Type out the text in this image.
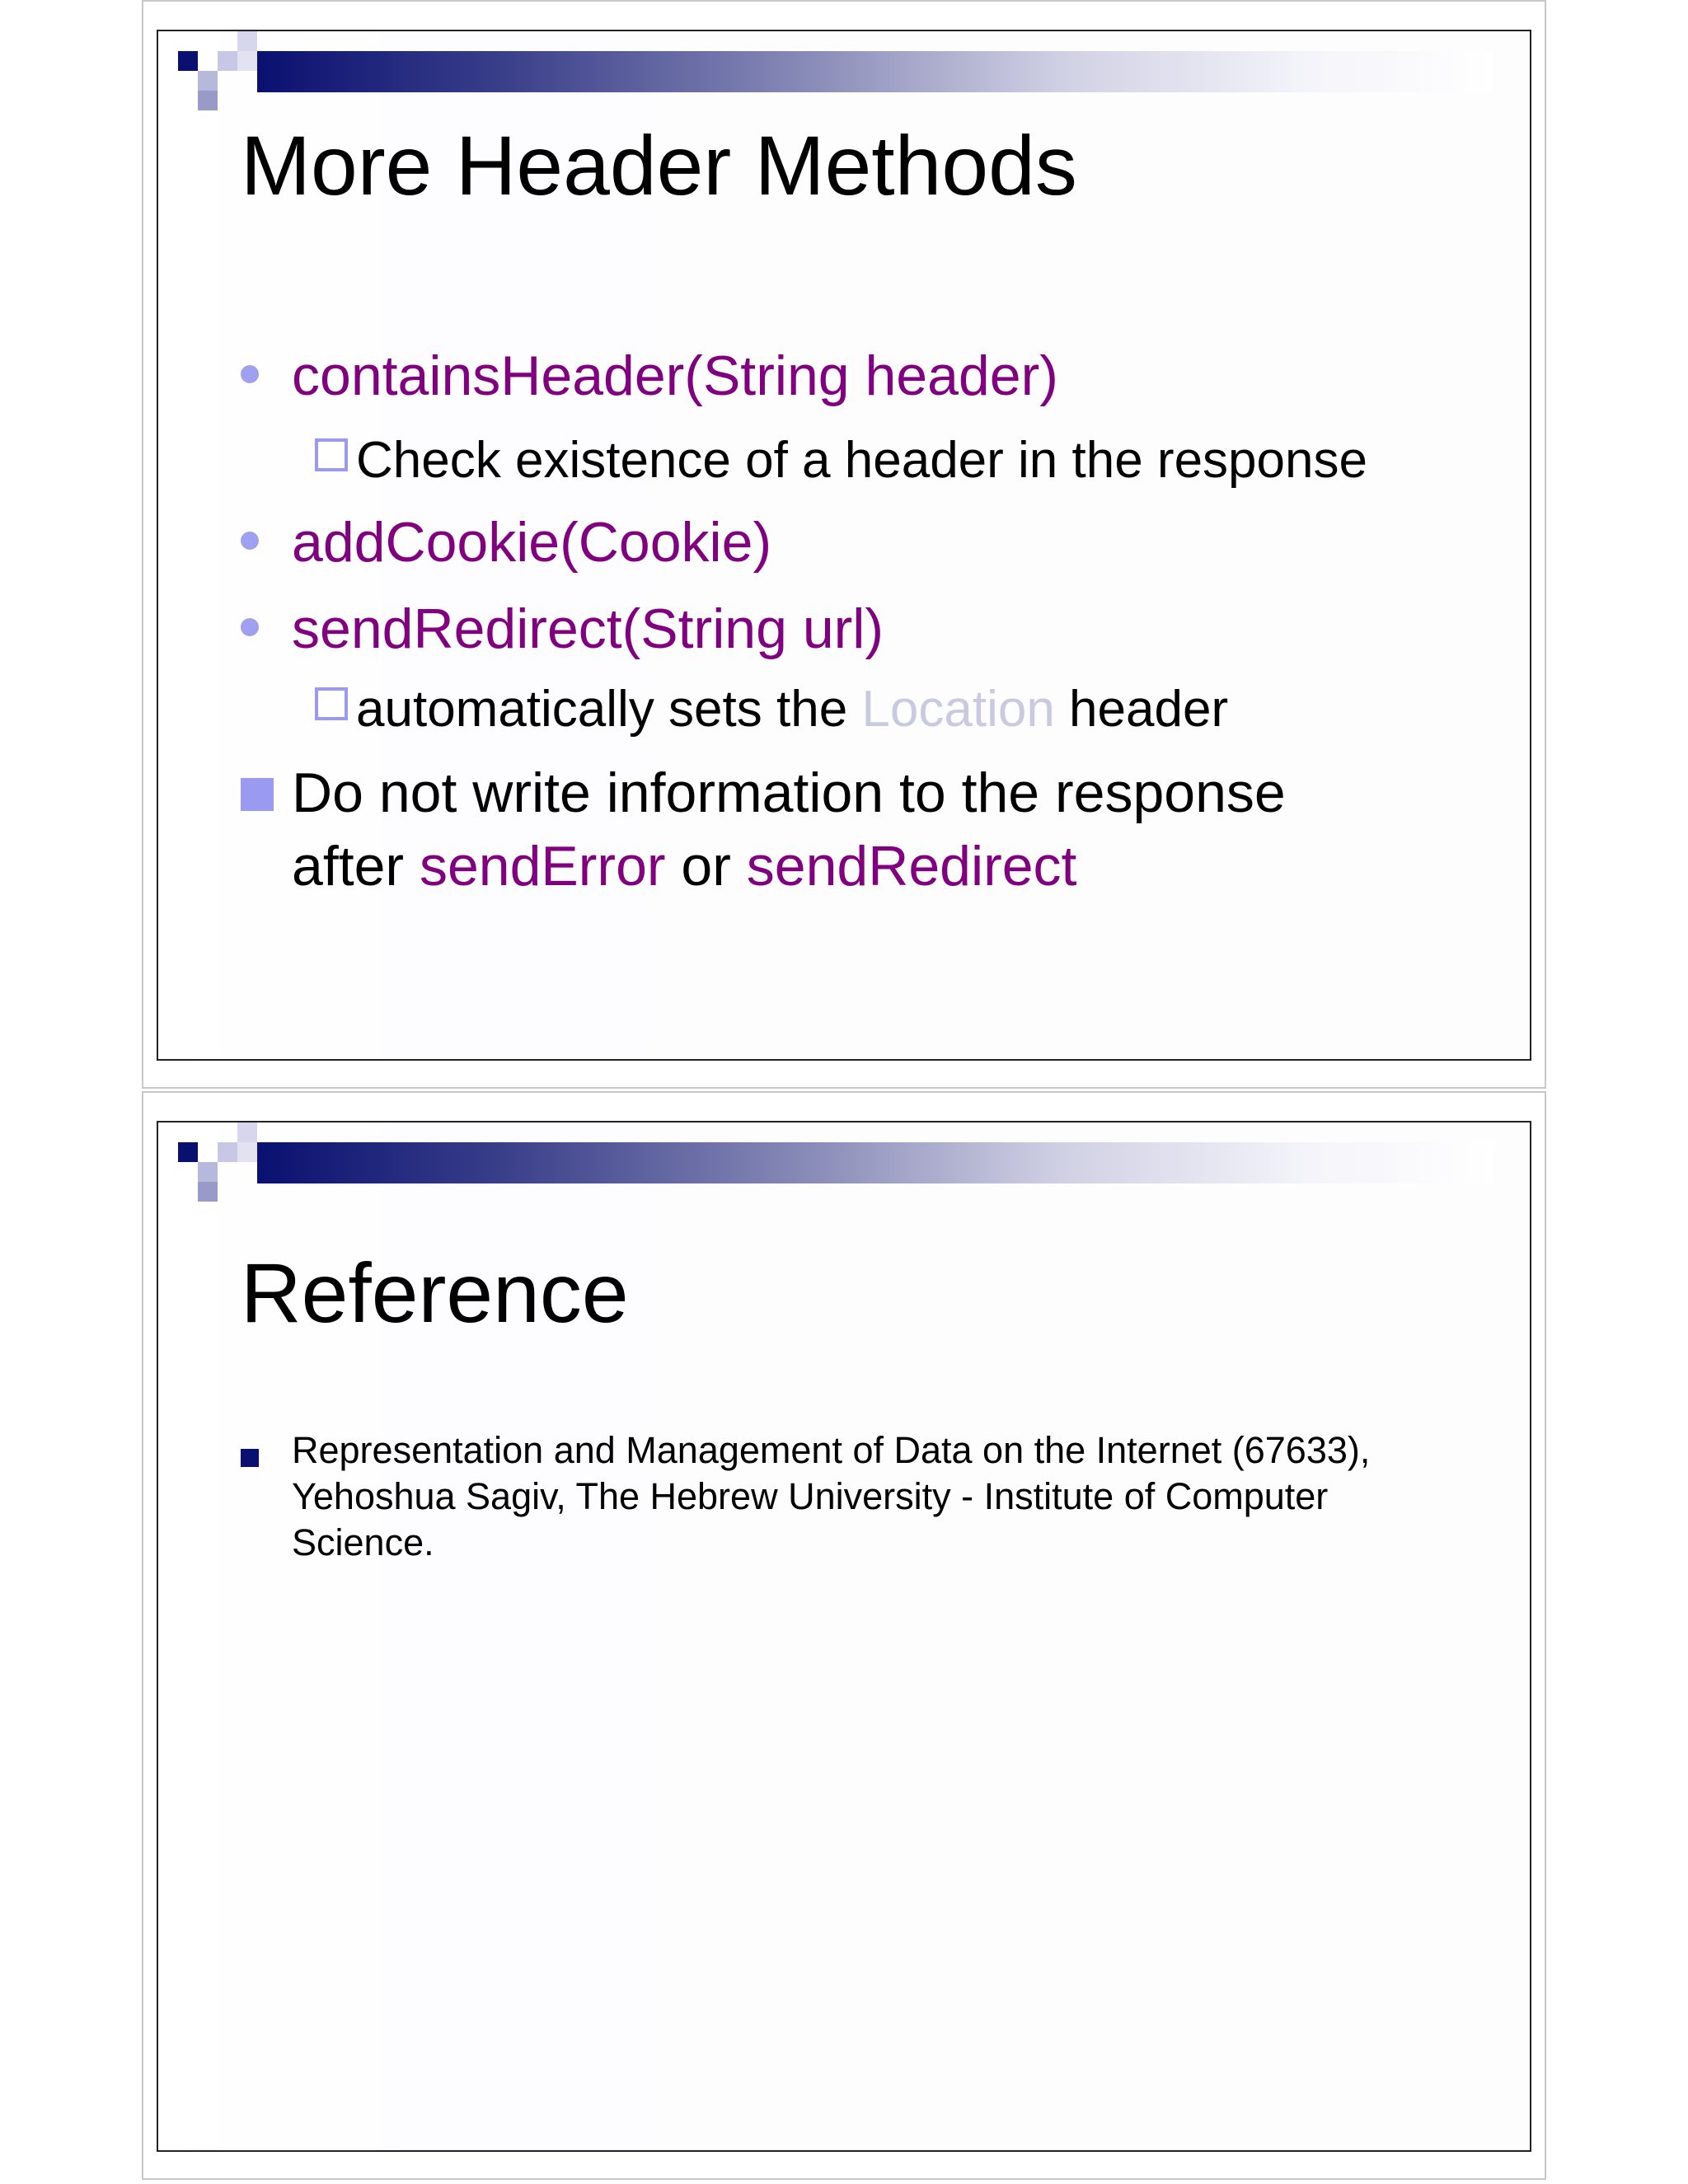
More Header Methods
containsHeader(String header)
Check existence of a header in the response
addCookie(Cookie)
sendRedirect(String url)
automatically sets the Location header
Do not write information to the response
after sendError or sendRedirect
Reference

Representation and Management of Data on the Internet (67633), Yehoshua Sagiv, The Hebrew University - Institute of Computer Science.
